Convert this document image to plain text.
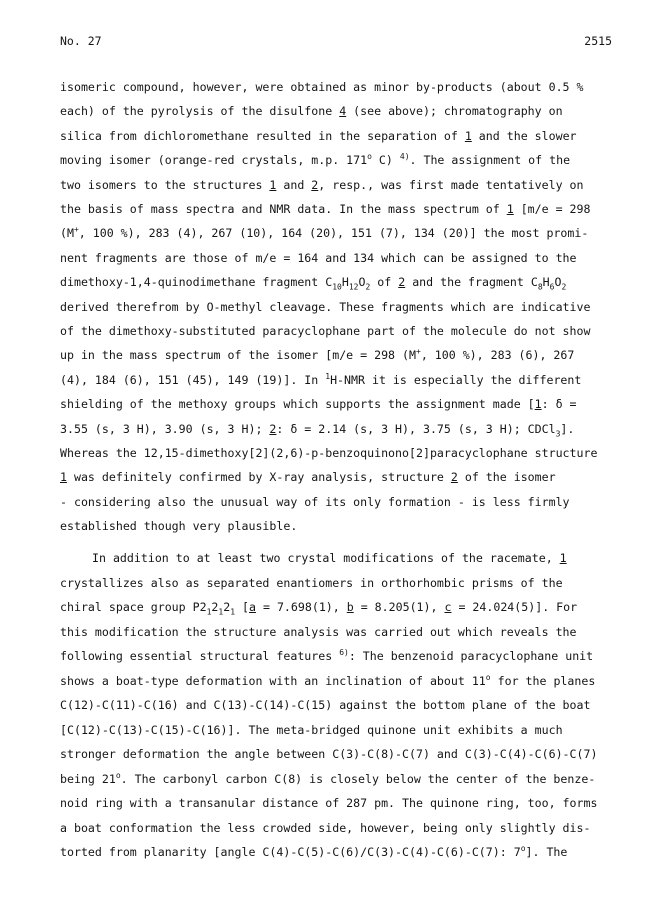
No. 27	2515
isomeric compound, however, were obtained as minor by-products (about 0.5 %
each) of the pyrolysis of the disulfone 4 (see above); chromatography on
silica from dichloromethane resulted in the separation of 1 and the slower
moving isomer (orange-red crystals, m.p. 171$^o$ C) $^{4)}$. The assignment of the
two isomers to the structures 1 and 2, resp., was first made tentatively on
the basis of mass spectra and NMR data. In the mass spectrum of 1 [m/e = 298
(M+, 100 %), 283 (4), 267 (10), 164 (20), 151 (7), 134 (20)] the most promi-
nent fragments are those of m/e = 164 and 134 which can be assigned to the
dimethoxy-1,4-quinodimethane fragment $C_{10}H_{12}O_2$ of 2 and the fragment $C_8H_6O_2$
derived therefrom by O-methyl cleavage. These fragments which are indicative
of the dimethoxy-substituted paracyclophane part of the molecule do not show
up in the mass spectrum of the isomer [m/e = 298 (M+, 100 %), 283 (6), 267
(4), 184 (6), 151 (45), 149 (19)]. In $^1$H-NMR it is especially the different
shielding of the methoxy groups which supports the assignment made [1: δ =
3.55 (s, 3 H), 3.90 (s, 3 H); 2: δ = 2.14 (s, 3 H), 3.75 (s, 3 H); CDCl$_3$].
Whereas the 12,15-dimethoxy[2](2,6)-p-benzoquinono[2]paracyclophane structure
1 was definitely confirmed by X-ray analysis, structure 2 of the isomer
- considering also the unusual way of its only formation - is less firmly
established though very plausible.
In addition to at least two crystal modifications of the racemate, 1
crystallizes also as separated enantiomers in orthorhombic prisms of the
chiral space group $P2_12_12_1$ [a = 7.698(1), b = 8.205(1), c = 24.024(5)]. For
this modification the structure analysis was carried out which reveals the
following essential structural features $^{6)}$: The benzenoid paracyclophane unit
shows a boat-type deformation with an inclination of about 11$^o$ for the planes
C(12)-C(11)-C(16) and C(13)-C(14)-C(15) against the bottom plane of the boat
[C(12)-C(13)-C(15)-C(16)]. The meta-bridged quinone unit exhibits a much
stronger deformation the angle between C(3)-C(8)-C(7) and C(3)-C(4)-C(6)-C(7)
being 21$^o$. The carbonyl carbon C(8) is closely below the center of the benze-
noid ring with a transanular distance of 287 pm. The quinone ring, too, forms
a boat conformation the less crowded side, however, being only slightly dis-
torted from planarity [angle C(4)-C(5)-C(6)/C(3)-C(4)-C(6)-C(7): 7$^o$]. The
